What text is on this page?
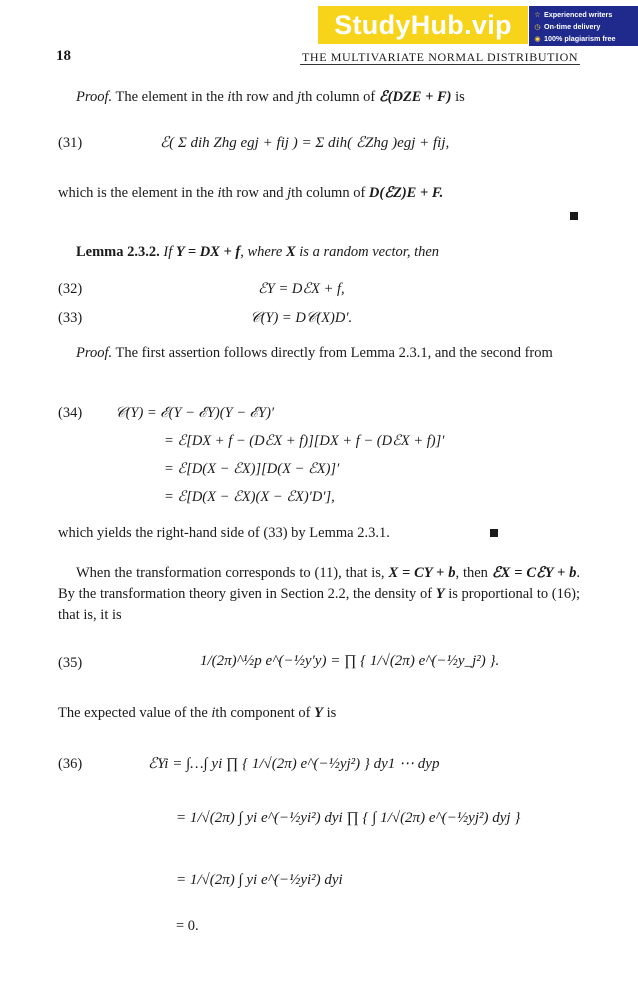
StudyHub.vip	☆ Experienced writers
◷ On-time delivery
◉ 100% plagiarism free
18	THE MULTIVARIATE NORMAL DISTRIBUTION

Proof. The element in the ith row and jth column of ℰ(DZE + F) is

(31)	ℰ( Σ dih Zhg egj + fij ) = Σ dih( ℰZhg )egj + fij,

which is the element in the ith row and jth column of D(ℰZ)E + F.

Lemma 2.3.2. If Y = DX + f, where X is a random vector, then

(32)	ℰY = DℰX + f,
(33)	𝒞(Y) = D𝒞(X)D′.

Proof. The first assertion follows directly from Lemma 2.3.1, and the second from

(34) 𝒞(Y) = ℰ(Y − ℰY)(Y − ℰY)′
= ℰ[DX + f − (DℰX + f)][DX + f − (DℰX + f)]′
= ℰ[D(X − ℰX)][D(X − ℰX)]′
= ℰ[D(X − ℰX)(X − ℰX)′D′],

which yields the right-hand side of (33) by Lemma 2.3.1.

When the transformation corresponds to (11), that is, X = CY + b, then ℰX = CℰY + b. By the transformation theory given in Section 2.2, the density of Y is proportional to (16); that is, it is

(35)	1/(2π)^½p e^(−½y′y) = ∏ { 1/√(2π) e^(−½y_j²) }.

The expected value of the ith component of Y is

(36)	ℰYi = ∫…∫ yi ∏ { 1/√(2π) e^(−½yj²) } dy1 ⋯ dyp
= 1/√(2π) ∫ yi e^(−½yi²) dyi ∏ { ∫ 1/√(2π) e^(−½yj²) dyj }
= 1/√(2π) ∫ yi e^(−½yi²) dyi
= 0.
